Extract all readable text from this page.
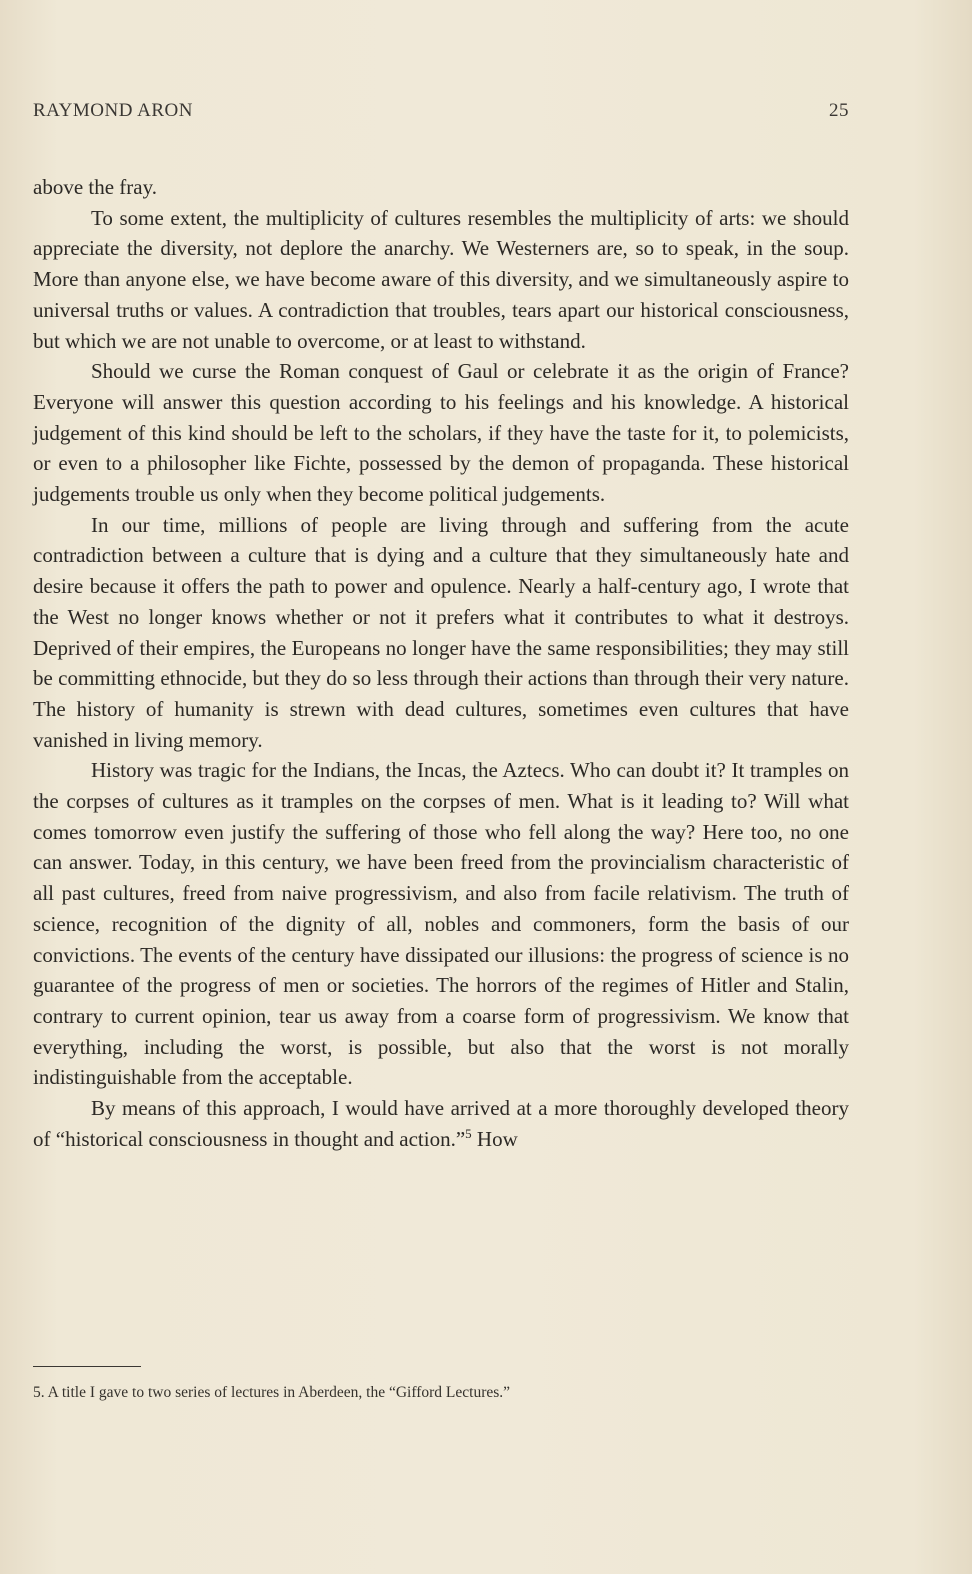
RAYMOND ARON	25

above the fray.

To some extent, the multiplicity of cultures resembles the multiplicity of arts: we should appreciate the diversity, not deplore the anarchy. We Westerners are, so to speak, in the soup. More than anyone else, we have become aware of this diversity, and we simultaneously aspire to universal truths or values. A contradiction that troubles, tears apart our historical consciousness, but which we are not unable to overcome, or at least to withstand.

Should we curse the Roman conquest of Gaul or celebrate it as the origin of France? Everyone will answer this question according to his feelings and his knowledge. A historical judgement of this kind should be left to the scholars, if they have the taste for it, to polemicists, or even to a philosopher like Fichte, possessed by the demon of propaganda. These historical judgements trouble us only when they become political judgements.

In our time, millions of people are living through and suffering from the acute contradiction between a culture that is dying and a culture that they simultaneously hate and desire because it offers the path to power and opulence. Nearly a half-century ago, I wrote that the West no longer knows whether or not it prefers what it contributes to what it destroys. Deprived of their empires, the Europeans no longer have the same responsibilities; they may still be committing ethnocide, but they do so less through their actions than through their very nature. The history of humanity is strewn with dead cultures, sometimes even cultures that have vanished in living memory.

History was tragic for the Indians, the Incas, the Aztecs. Who can doubt it? It tramples on the corpses of cultures as it tramples on the corpses of men. What is it leading to? Will what comes tomorrow even justify the suffering of those who fell along the way? Here too, no one can answer. Today, in this century, we have been freed from the provincialism characteristic of all past cultures, freed from naive progressivism, and also from facile relativism. The truth of science, recognition of the dignity of all, nobles and commoners, form the basis of our convictions. The events of the century have dissipated our illusions: the progress of science is no guarantee of the progress of men or societies. The horrors of the regimes of Hitler and Stalin, contrary to current opinion, tear us away from a coarse form of progressivism. We know that everything, including the worst, is possible, but also that the worst is not morally indistinguishable from the acceptable.

By means of this approach, I would have arrived at a more thoroughly developed theory of “historical consciousness in thought and action.”$^5$ How

5. A title I gave to two series of lectures in Aberdeen, the “Gifford Lectures.”
